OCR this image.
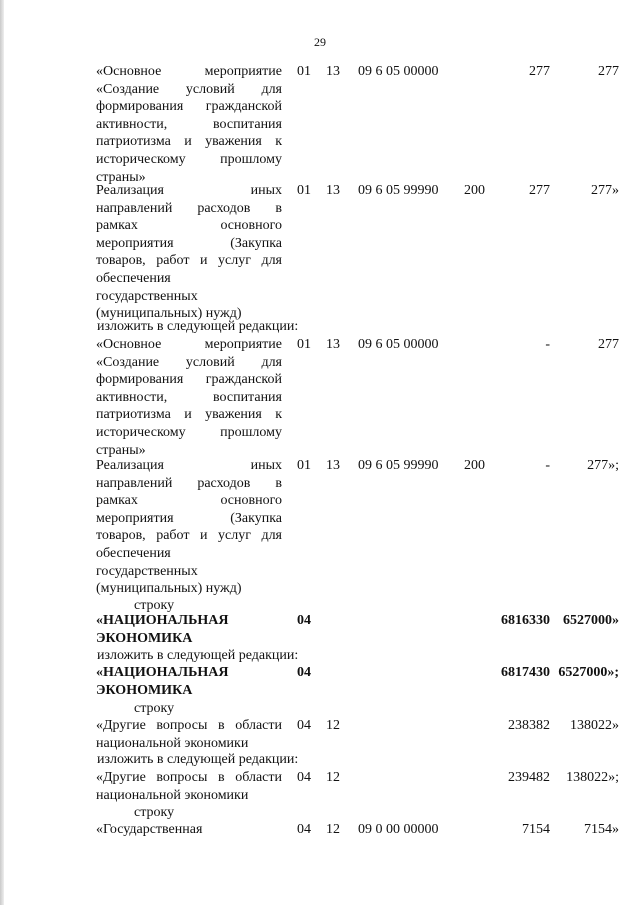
29
«Основное мероприятие
«Создание условий для
формирования гражданской
активности, воспитания
патриотизма и уважения к
историческому прошлому
страны»
01 13 09 6 05 00000	277	277
Реализация иных
направлений расходов в
рамках основного
мероприятия (Закупка
товаров, работ и услуг для
обеспечения
государственных
(муниципальных) нужд)
01 13 09 6 05 99990 200	277	277»
изложить в следующей редакции:
«Основное мероприятие
«Создание условий для
формирования гражданской
активности, воспитания
патриотизма и уважения к
историческому прошлому
страны»
01 13 09 6 05 00000	-	277
Реализация иных
направлений расходов в
рамках основного
мероприятия (Закупка
товаров, работ и услуг для
обеспечения
государственных
(муниципальных) нужд)
01 13 09 6 05 99990 200	-	277»;
строку
«НАЦИОНАЛЬНАЯ
ЭКОНОМИКА
04	6816330 6527000»
изложить в следующей редакции:
«НАЦИОНАЛЬНАЯ
ЭКОНОМИКА
04	6817430 6527000»;
строку
«Другие вопросы в области
национальной экономики
04 12	238382 138022»
изложить в следующей редакции:
«Другие вопросы в области
национальной экономики
04 12	239482 138022»;
строку
«Государственная	04 12 09 0 00 00000	7154 7154»
